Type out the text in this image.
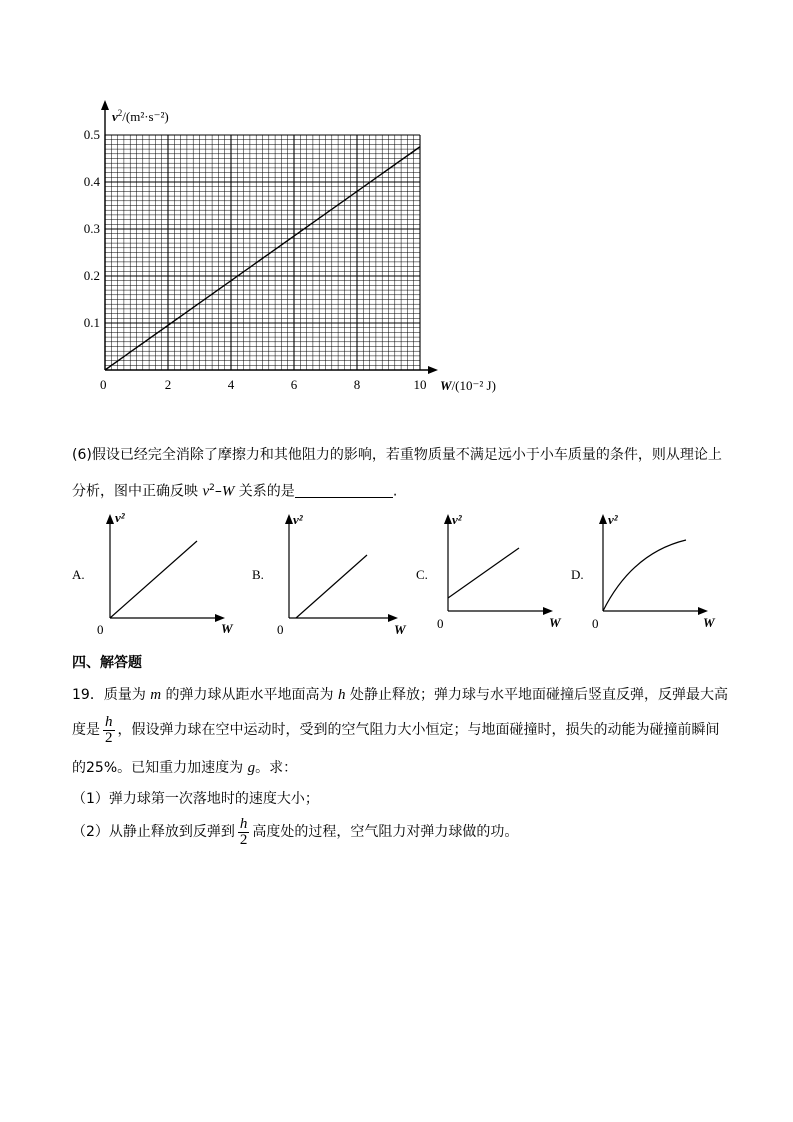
$v^2/(m^2\cdot s^{-2})$
W/(10⁻² J)
0	2	4	6	8	10
0.1
0.2
0.3
0.4
0.5
(6)假设已经完全消除了摩擦力和其他阻力的影响，若重物质量不满足远小于小车质量的条件，则从理论上
分析，图中正确反映 $v^2-W$ 关系的是	.
A.
v²
W
0
B.
v²
W
0
C.
v²
W
0
D.
v²
W
0
四、解答题
19．质量为 m 的弹力球从距水平地面高为 h 处静止释放；弹力球与水平地面碰撞后竖直反弹，反弹最大高
度是 $\frac{h}{2}$ ，假设弹力球在空中运动时，受到的空气阻力大小恒定；与地面碰撞时，损失的动能为碰撞前瞬间
的25%。已知重力加速度为 g。求：
（1）弹力球第一次落地时的速度大小；
（2）从静止释放到反弹到 $\frac{h}{2}$ 高度处的过程，空气阻力对弹力球做的功。
